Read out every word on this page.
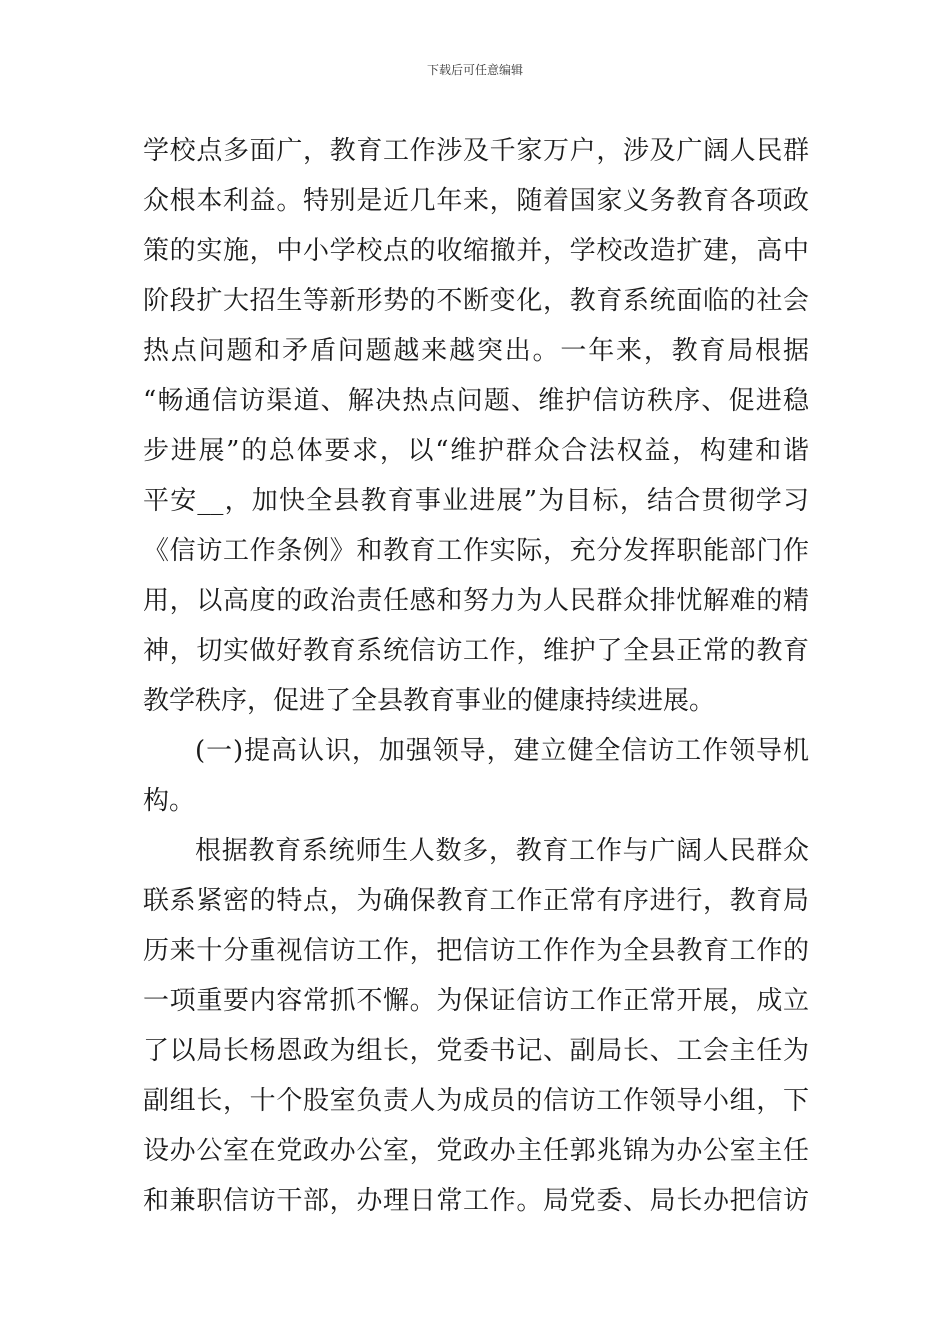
下载后可任意编辑
学校点多面广，教育工作涉及千家万户，涉及广阔人民群
众根本利益。特别是近几年来，随着国家义务教育各项政
策的实施，中小学校点的收缩撤并，学校改造扩建，高中
阶段扩大招生等新形势的不断变化，教育系统面临的社会
热点问题和矛盾问题越来越突出。一年来，教育局根据
“畅通信访渠道、解决热点问题、维护信访秩序、促进稳
步进展”的总体要求，以“维护群众合法权益，构建和谐
平安__，加快全县教育事业进展”为目标，结合贯彻学习
《信访工作条例》和教育工作实际，充分发挥职能部门作
用，以高度的政治责任感和努力为人民群众排忧解难的精
神，切实做好教育系统信访工作，维护了全县正常的教育
教学秩序，促进了全县教育事业的健康持续进展。
(一)提高认识，加强领导，建立健全信访工作领导机
构。
根据教育系统师生人数多，教育工作与广阔人民群众
联系紧密的特点，为确保教育工作正常有序进行，教育局
历来十分重视信访工作，把信访工作作为全县教育工作的
一项重要内容常抓不懈。为保证信访工作正常开展，成立
了以局长杨恩政为组长，党委书记、副局长、工会主任为
副组长，十个股室负责人为成员的信访工作领导小组，下
设办公室在党政办公室，党政办主任郭兆锦为办公室主任
和兼职信访干部，办理日常工作。局党委、局长办把信访
